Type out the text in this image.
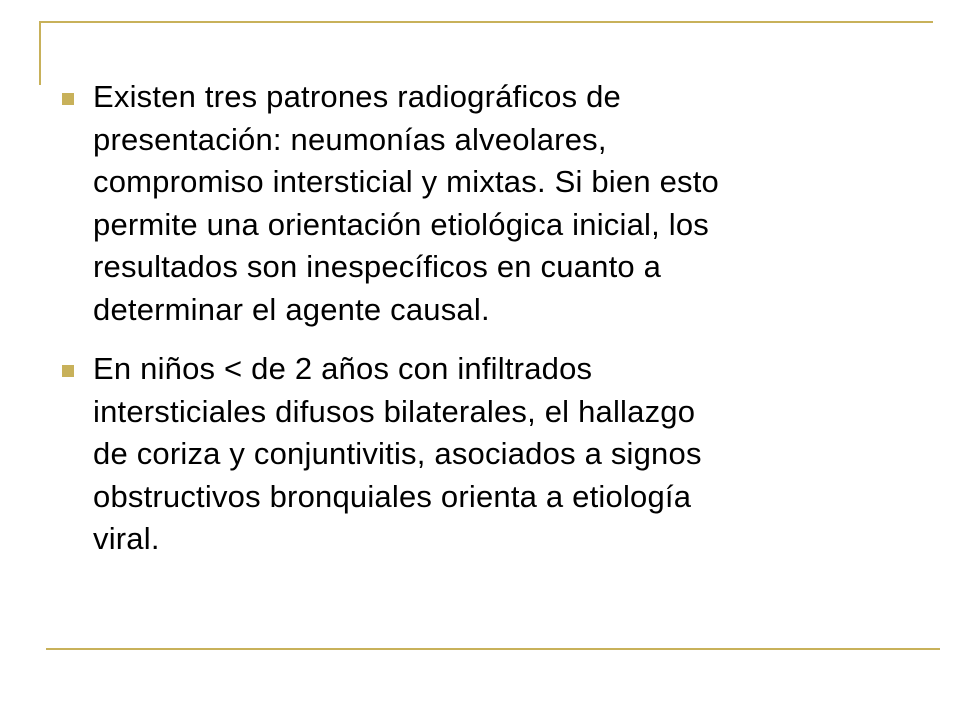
Existen tres patrones radiográficos de
presentación: neumonías alveolares,
compromiso intersticial y mixtas. Si bien esto
permite una orientación etiológica inicial, los
resultados son inespecíficos en cuanto a
determinar el agente causal.
En niños < de 2 años con infiltrados
intersticiales difusos bilaterales, el hallazgo
de coriza y conjuntivitis, asociados a signos
obstructivos bronquiales orienta a etiología
viral.
